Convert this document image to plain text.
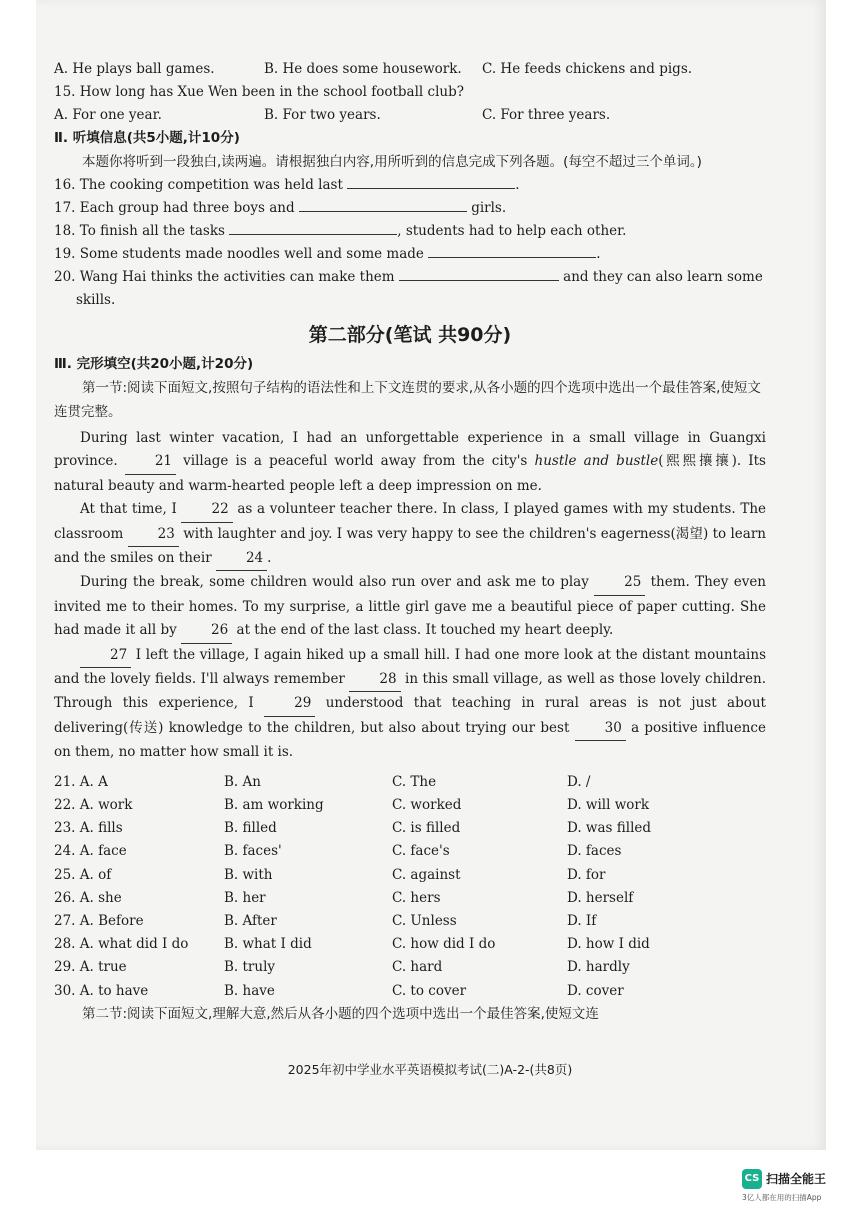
A. He plays ball games.	B. He does some housework.	C. He feeds chickens and pigs.
15. How long has Xue Wen been in the school football club?
A. For one year.	B. For two years.	C. For three years.
Ⅱ. 听填信息(共5小题,计10分)
本题你将听到一段独白,读两遍。请根据独白内容,用所听到的信息完成下列各题。(每空不超过三个单词。)
16. The cooking competition was held last	.
17. Each group had three boys and	girls.
18. To finish all the tasks	, students had to help each other.
19. Some students made noodles well and some made	.
20. Wang Hai thinks the activities can make them	and they can also learn some
skills.
第二部分(笔试 共90分)
Ⅲ. 完形填空(共20小题,计20分)
第一节:阅读下面短文,按照句子结构的语法性和上下文连贯的要求,从各小题的四个选项中选出一个最佳答案,使短文连贯完整。
During last winter vacation, I had an unforgettable experience in a small village in Guangxi province.	21 village is a peaceful world away from the city's hustle and bustle(熙熙攘攘). Its natural beauty and warm-hearted people left a deep impression on me.
At that time, I	22 as a volunteer teacher there. In class, I played games with my students. The classroom	23 with laughter and joy. I was very happy to see the children's eagerness(渴望) to learn and the smiles on their	24 .
During the break, some children would also run over and ask me to play	25 them. They even invited me to their homes. To my surprise, a little girl gave me a beautiful piece of paper cutting. She had made it all by	26 at the end of the last class. It touched my heart deeply.
27 I left the village, I again hiked up a small hill. I had one more look at the distant mountains and the lovely fields. I'll always remember	28 in this small village, as well as those lovely children. Through this experience, I	29 understood that teaching in rural areas is not just about delivering(传送) knowledge to the children, but also about trying our best	30 a positive influence on them, no matter how small it is.
21. A. A	B. An	C. The	D. /
22. A. work	B. am working	C. worked	D. will work
23. A. fills	B. filled	C. is filled	D. was filled
24. A. face	B. faces'	C. face's	D. faces
25. A. of	B. with	C. against	D. for
26. A. she	B. her	C. hers	D. herself
27. A. Before	B. After	C. Unless	D. If
28. A. what did I do	B. what I did	C. how did I do	D. how I did
29. A. true	B. truly	C. hard	D. hardly
30. A. to have	B. have	C. to cover	D. cover
第二节:阅读下面短文,理解大意,然后从各小题的四个选项中选出一个最佳答案,使短文连
2025年初中学业水平英语模拟考试(二)A-2-(共8页)
CS 扫描全能王
3亿人都在用的扫描App
